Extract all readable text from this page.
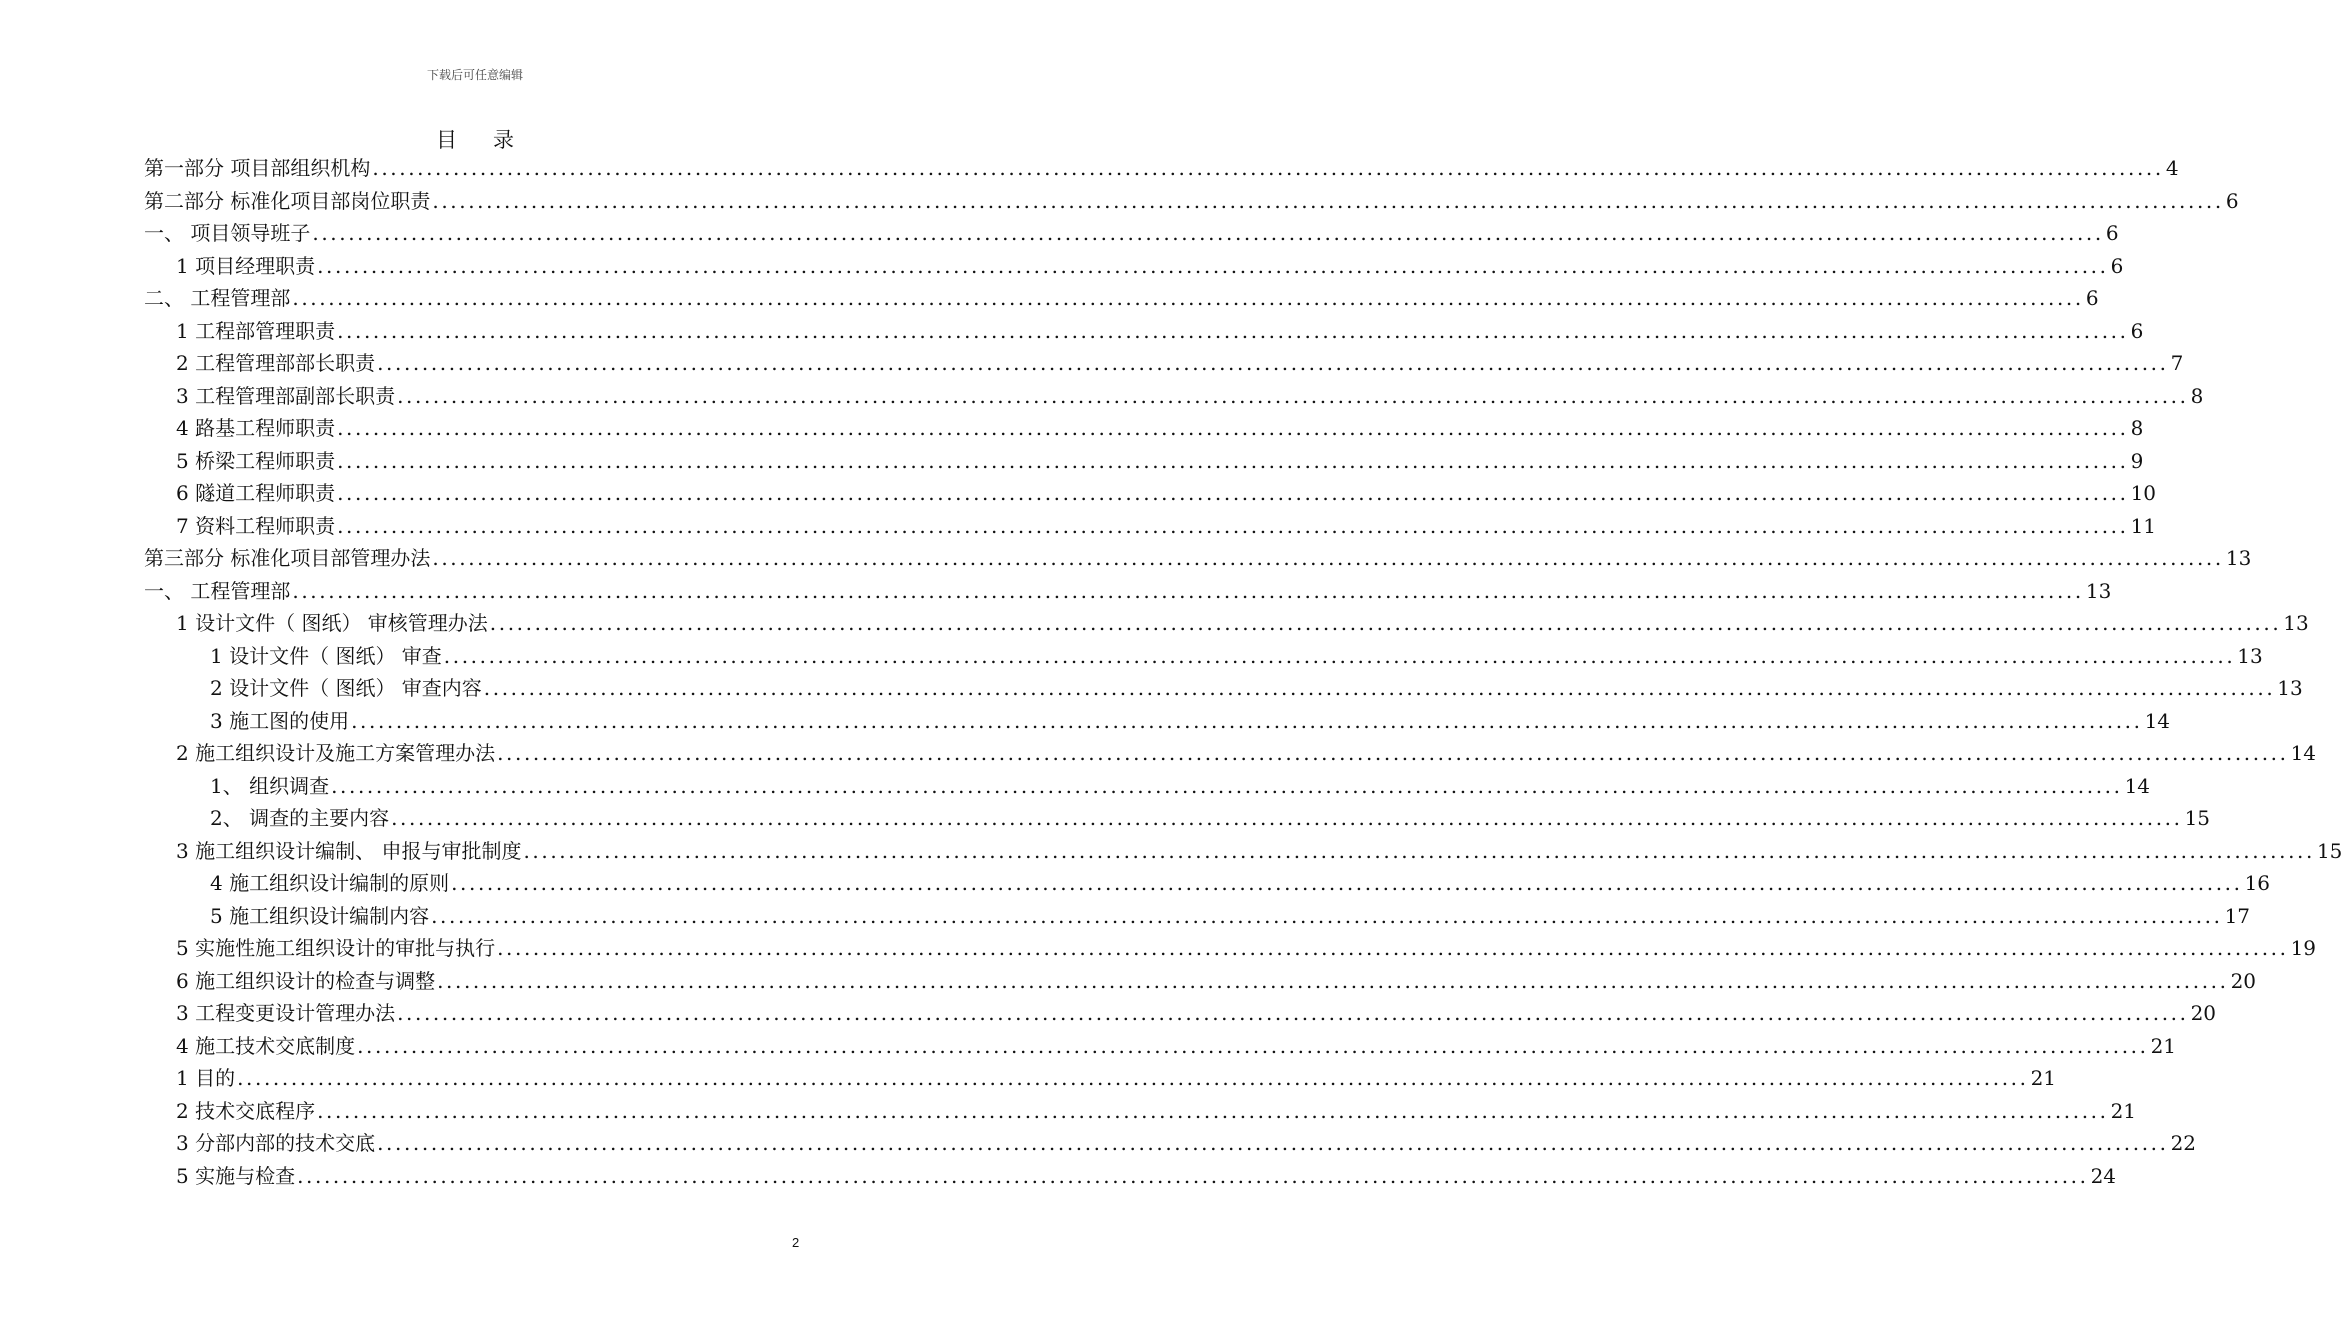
下载后可任意编辑
目录
第一部分 项目部组织机构 ........................................................................................................................................................................................................ 4
第二部分 标准化项目部岗位职责 ........................................................................................................................................................................................................ 6
一、 项目领导班子 ........................................................................................................................................................................................................ 6
1 项目经理职责 ........................................................................................................................................................................................................ 6
二、 工程管理部 ........................................................................................................................................................................................................ 6
1 工程部管理职责 ........................................................................................................................................................................................................ 6
2 工程管理部部长职责 ........................................................................................................................................................................................................ 7
3 工程管理部副部长职责 ........................................................................................................................................................................................................ 8
4 路基工程师职责 ........................................................................................................................................................................................................ 8
5 桥梁工程师职责 ........................................................................................................................................................................................................ 9
6 隧道工程师职责 ........................................................................................................................................................................................................ 10
7 资料工程师职责 ........................................................................................................................................................................................................ 11
第三部分 标准化项目部管理办法 ........................................................................................................................................................................................................ 13
一、 工程管理部 ........................................................................................................................................................................................................ 13
1 设计文件（ 图纸） 审核管理办法 ........................................................................................................................................................................................................ 13
1 设计文件（ 图纸） 审查 ........................................................................................................................................................................................................ 13
2 设计文件（ 图纸） 审查内容 ........................................................................................................................................................................................................ 13
3 施工图的使用 ........................................................................................................................................................................................................ 14
2 施工组织设计及施工方案管理办法 ........................................................................................................................................................................................................ 14
1、 组织调查 ........................................................................................................................................................................................................ 14
2、 调查的主要内容 ........................................................................................................................................................................................................ 15
3 施工组织设计编制、 申报与审批制度 ........................................................................................................................................................................................................ 15
4 施工组织设计编制的原则 ........................................................................................................................................................................................................ 16
5 施工组织设计编制内容 ........................................................................................................................................................................................................ 17
5 实施性施工组织设计的审批与执行 ........................................................................................................................................................................................................ 19
6 施工组织设计的检查与调整 ........................................................................................................................................................................................................ 20
3 工程变更设计管理办法 ........................................................................................................................................................................................................ 20
4 施工技术交底制度 ........................................................................................................................................................................................................ 21
1 目的 ........................................................................................................................................................................................................ 21
2 技术交底程序 ........................................................................................................................................................................................................ 21
3 分部内部的技术交底 ........................................................................................................................................................................................................ 22
5 实施与检查 ........................................................................................................................................................................................................ 24
2
